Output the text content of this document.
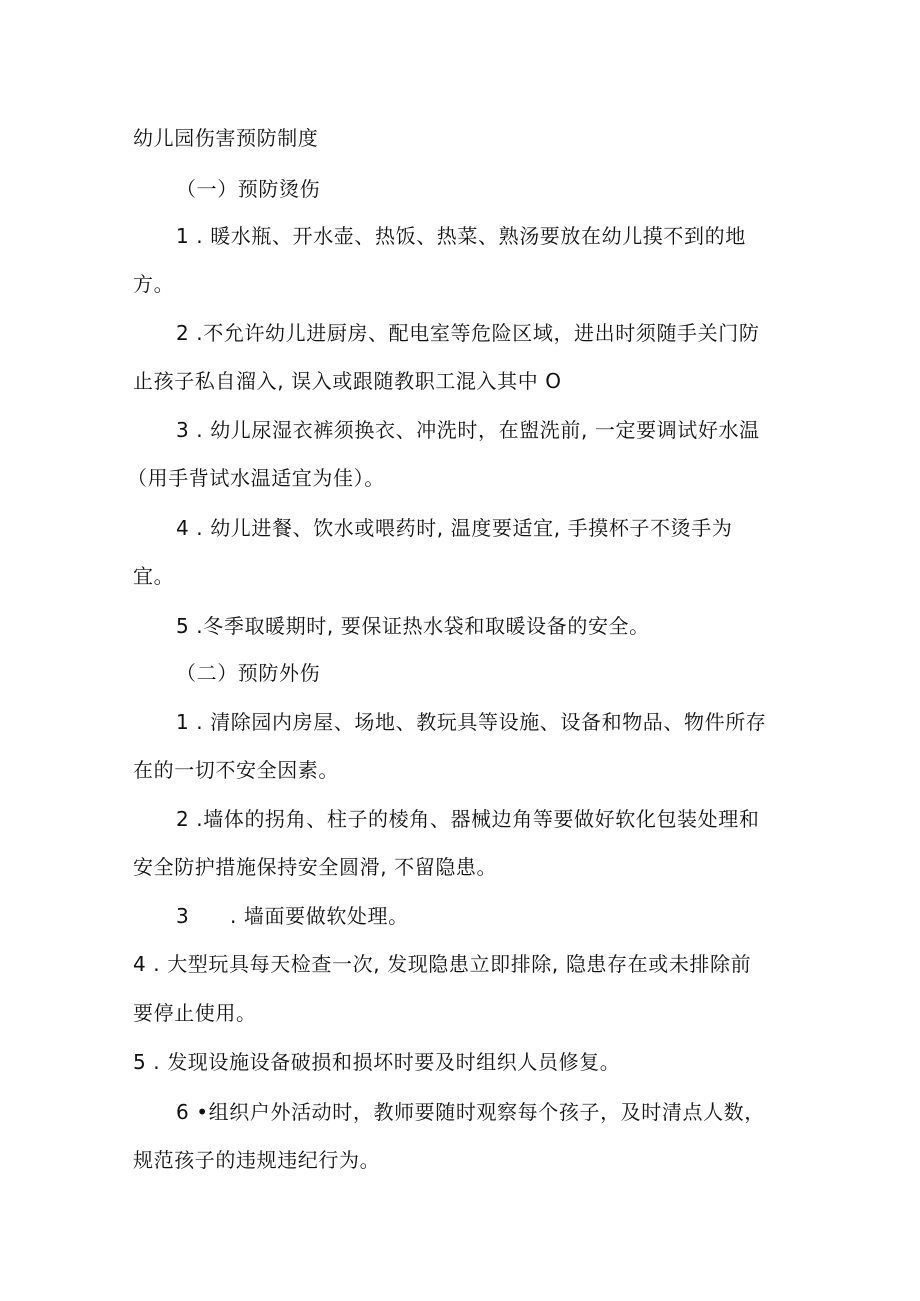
幼儿园伤害预防制度
（一）预防烫伤
1 . 暖水瓶、开水壶、热饭、热菜、熟汤要放在幼儿摸不到的地
方。
2 .不允许幼儿进厨房、配电室等危险区域，进出时须随手关门防
止孩子私自溜入, 误入或跟随教职工混入其中 O
3 . 幼儿尿湿衣裤须换衣、冲洗时，在盥洗前, 一定要调试好水温
（用手背试水温适宜为佳）。
4 . 幼儿进餐、饮水或喂药时, 温度要适宜, 手摸杯子不烫手为
宜。
5 .冬季取暖期时, 要保证热水袋和取暖设备的安全。
（二）预防外伤
1 . 清除园内房屋、场地、教玩具等设施、设备和物品、物件所存
在的一切不安全因素。
2 .墙体的拐角、柱子的棱角、器械边角等要做好软化包装处理和
安全防护措施保持安全圆滑, 不留隐患。
3 . 墙面要做软处理。
4 . 大型玩具每天检查一次, 发现隐患立即排除, 隐患存在或未排除前
要停止使用。
5 . 发现设施设备破损和损坏时要及时组织人员修复。
6 •组织户外活动时，教师要随时观察每个孩子，及时清点人数，
规范孩子的违规违纪行为。
